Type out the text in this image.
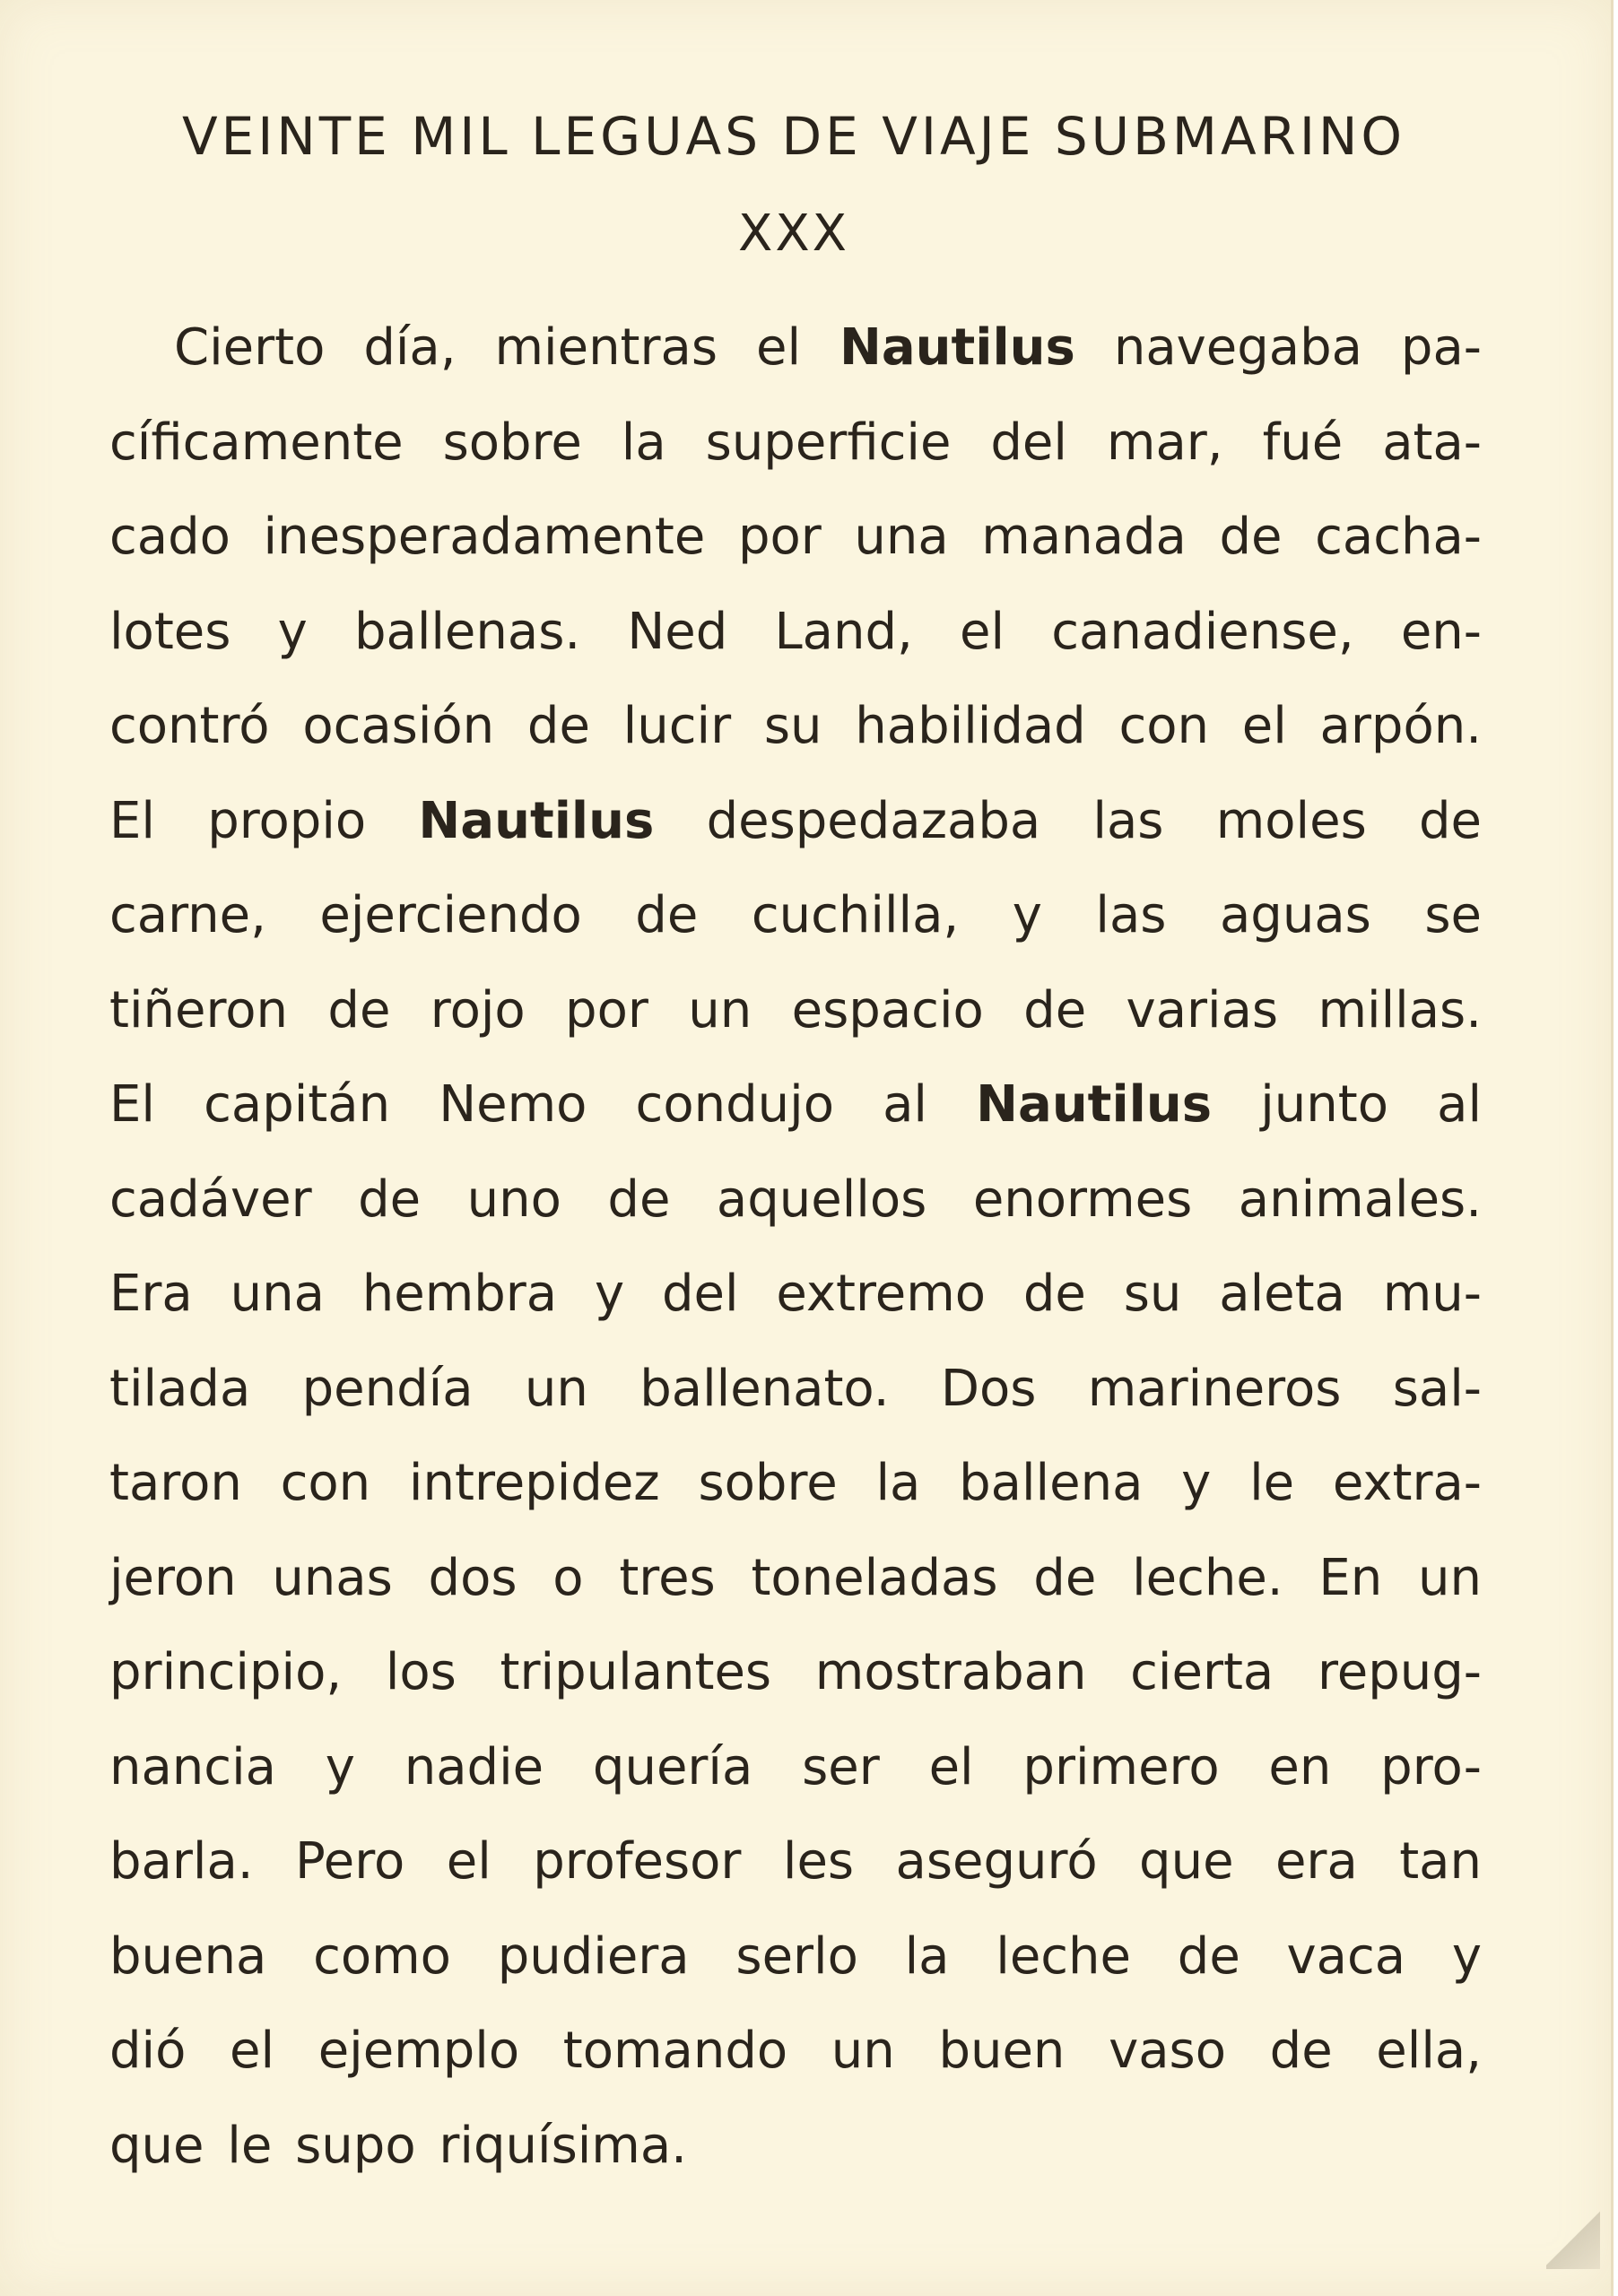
VEINTE MIL LEGUAS DE VIAJE SUBMARINO
XXX
Cierto día, mientras el Nautilus navegaba pa-
cíficamente sobre la superficie del mar, fué ata-
cado inesperadamente por una manada de cacha-
lotes y ballenas. Ned Land, el canadiense, en-
contró ocasión de lucir su habilidad con el arpón.
El propio Nautilus despedazaba las moles de
carne, ejerciendo de cuchilla, y las aguas se
tiñeron de rojo por un espacio de varias millas.
El capitán Nemo condujo al Nautilus junto al
cadáver de uno de aquellos enormes animales.
Era una hembra y del extremo de su aleta mu-
tilada pendía un ballenato. Dos marineros sal-
taron con intrepidez sobre la ballena y le extra-
jeron unas dos o tres toneladas de leche. En un
principio, los tripulantes mostraban cierta repug-
nancia y nadie quería ser el primero en pro-
barla. Pero el profesor les aseguró que era tan
buena como pudiera serlo la leche de vaca y
dió el ejemplo tomando un buen vaso de ella,
que le supo riquísima.
